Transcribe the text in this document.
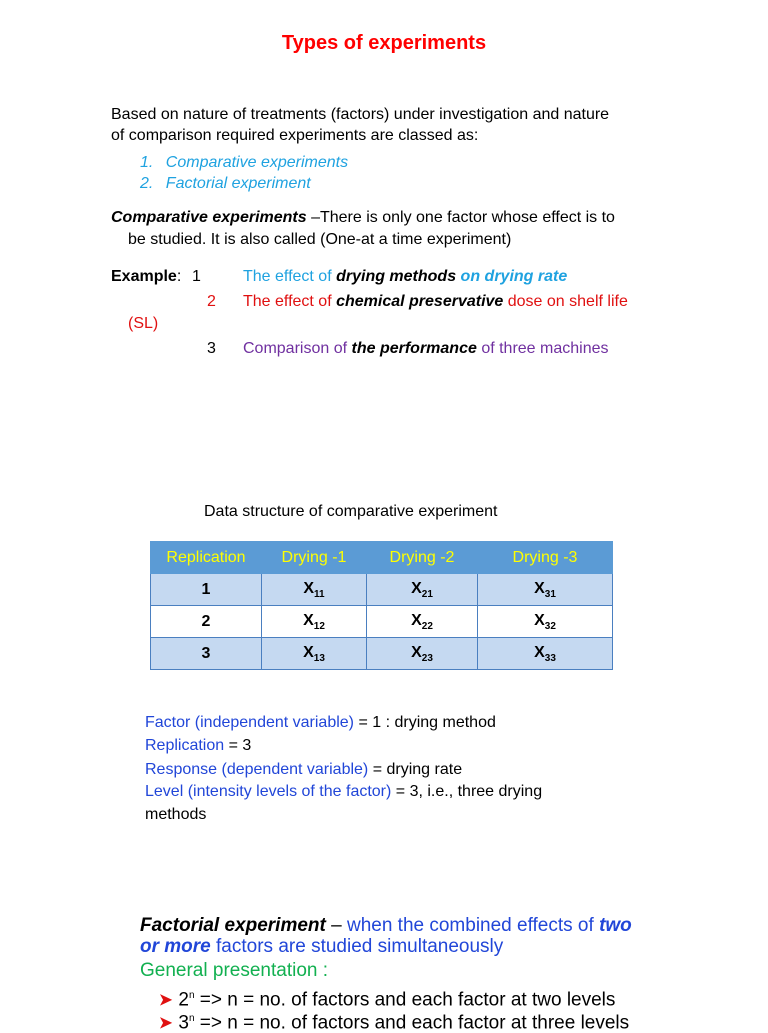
Types of experiments
Based on nature of treatments (factors) under investigation and nature
of comparison required experiments are classed as:
1. Comparative experiments
2. Factorial experiment
Comparative experiments –There is only one factor whose effect is to
be studied. It is also called (One-at a time experiment)
Example: 1	The effect of drying methods on drying rate
2 The effect of chemical preservative dose on shelf life
(SL)
3 Comparison of the performance of three machines
Data structure of comparative experiment
Replication	Drying -1	Drying -2	Drying -3
1	$X_{11}$	$X_{21}$	$X_{31}$
2	$X_{12}$	$X_{22}$	$X_{32}$
3	$X_{13}$	$X_{23}$	$X_{33}$
Factor (independent variable) = 1 : drying method
Replication = 3
Response (dependent variable) = drying rate
Level (intensity levels of the factor) = 3, i.e., three drying
methods
Factorial experiment – when the combined effects of two
or more factors are studied simultaneously
General presentation :
➤ $2^n => n$ = no. of factors and each factor at two levels
➤ $3^n => n$ = no. of factors and each factor at three levels
